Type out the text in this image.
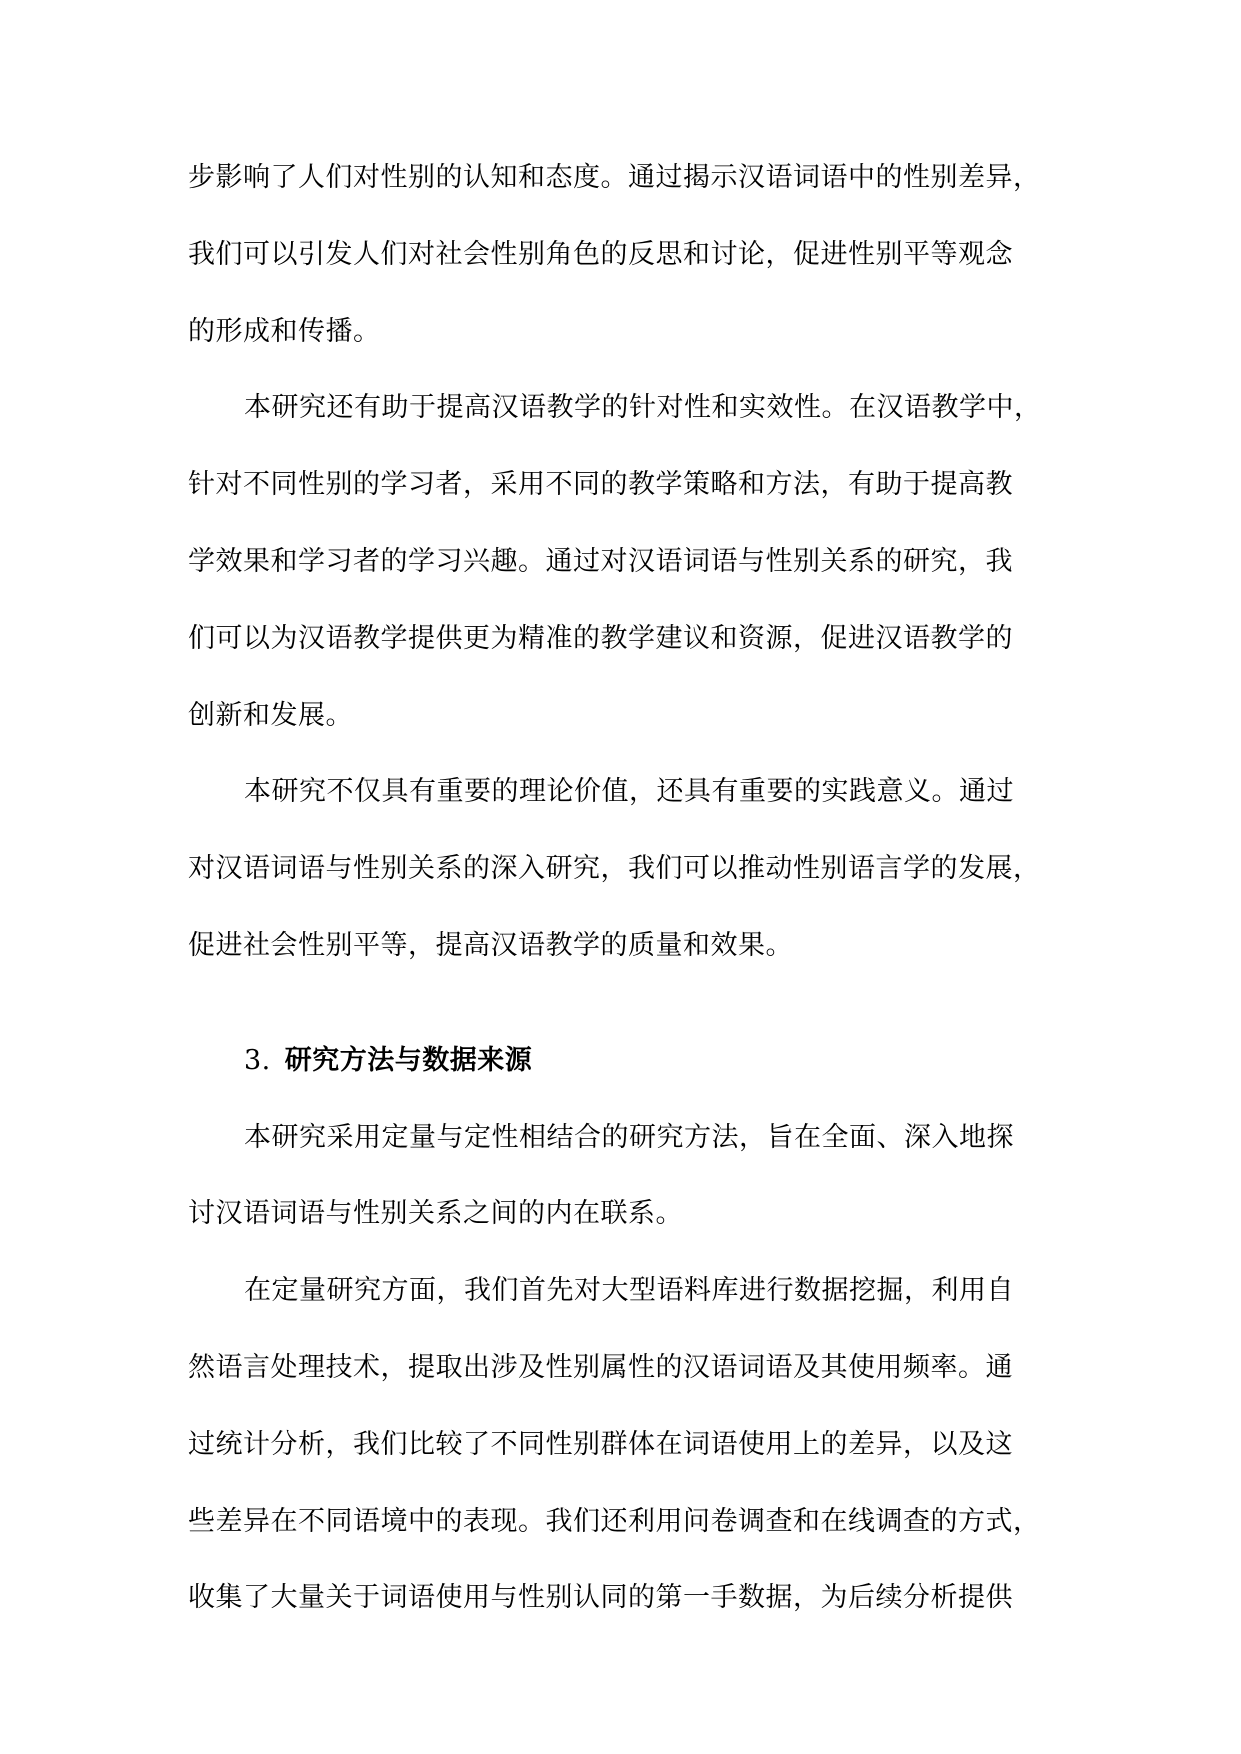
步影响了人们对性别的认知和态度。通过揭示汉语词语中的性别差异，
我们可以引发人们对社会性别角色的反思和讨论，促进性别平等观念
的形成和传播。

本研究还有助于提高汉语教学的针对性和实效性。在汉语教学中，
针对不同性别的学习者，采用不同的教学策略和方法，有助于提高教
学效果和学习者的学习兴趣。通过对汉语词语与性别关系的研究，我
们可以为汉语教学提供更为精准的教学建议和资源，促进汉语教学的
创新和发展。

本研究不仅具有重要的理论价值，还具有重要的实践意义。通过
对汉语词语与性别关系的深入研究，我们可以推动性别语言学的发展，
促进社会性别平等，提高汉语教学的质量和效果。

3. 研究方法与数据来源

本研究采用定量与定性相结合的研究方法，旨在全面、深入地探
讨汉语词语与性别关系之间的内在联系。

在定量研究方面，我们首先对大型语料库进行数据挖掘，利用自
然语言处理技术，提取出涉及性别属性的汉语词语及其使用频率。通
过统计分析，我们比较了不同性别群体在词语使用上的差异，以及这
些差异在不同语境中的表现。我们还利用问卷调查和在线调查的方式，
收集了大量关于词语使用与性别认同的第一手数据，为后续分析提供
